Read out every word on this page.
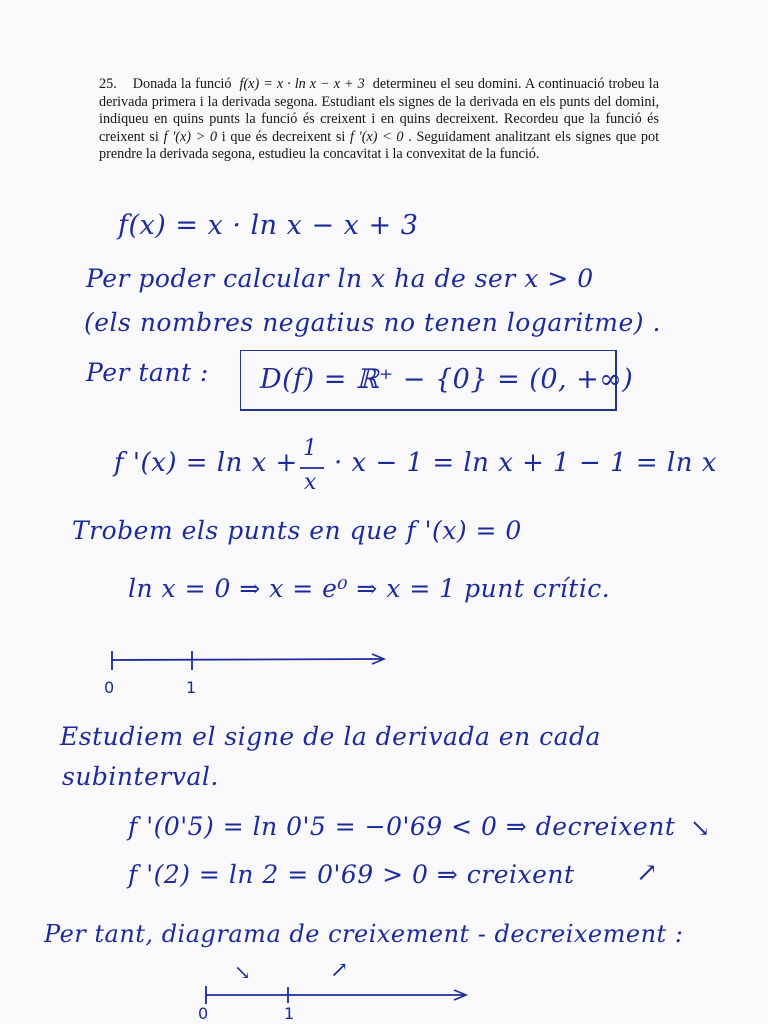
25. Donada la funció f(x) = x · ln x − x + 3 determineu el seu domini. A continuació trobeu la derivada primera i la derivada segona. Estudiant els signes de la derivada en els punts del domini, indiqueu en quins punts la funció és creixent i en quins decreixent. Recordeu que la funció és creixent si f '(x) > 0 i que és decreixent si f '(x) < 0 . Seguidament analitzant els signes que pot prendre la derivada segona, estudieu la concavitat i la convexitat de la funció.
f(x) = x · ln x − x + 3
Per poder calcular ln x ha de ser x > 0
(els nombres negatius no tenen logaritme) .
Per tant : D(f) = ℝ⁺ − {0} = (0, +∞)
f '(x) = ln x + 1
x
· x − 1 = ln x + 1 − 1 = ln x
Trobem els punts en que f '(x) = 0
ln x = 0 ⇒ x = e⁰ ⇒ x = 1 punt crític.
0	1
Estudiem el signe de la derivada en cada
subinterval.
f '(0'5) = ln 0'5 = −0'69 < 0 ⇒ decreixent ↘
f '(2) = ln 2 = 0'69 > 0 ⇒ creixent ↗
Per tant, diagrama de creixement - decreixement :
↘	↗
0	1
